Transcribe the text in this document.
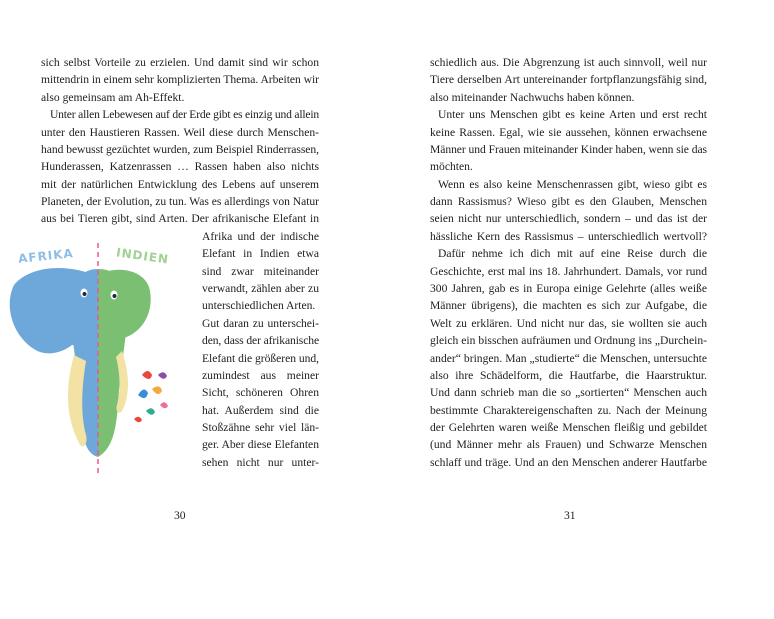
sich selbst Vorteile zu erzielen. Und damit sind wir schon
mittendrin in einem sehr komplizierten Thema. Arbeiten wir
also gemeinsam am Ah-Effekt.
Unter allen Lebewesen auf der Erde gibt es einzig und allein
unter den Haustieren Rassen. Weil diese durch Menschen-
hand bewusst gezüchtet wurden, zum Beispiel Rinderrassen,
Hunderassen, Katzenrassen … Rassen haben also nichts
mit der natürlichen Entwicklung des Lebens auf unserem
Planeten, der Evolution, zu tun. Was es allerdings von Natur
aus bei Tieren gibt, sind Arten. Der afrikanische Elefant in
Afrika und der indische
Elefant in Indien etwa
sind zwar miteinander
verwandt, zählen aber zu
unterschiedlichen Arten.
Gut daran zu unterschei-
den, dass der afrikanische
Elefant die größeren und,
zumindest aus meiner
Sicht, schöneren Ohren
hat. Außerdem sind die
Stoßzähne sehr viel län-
ger. Aber diese Elefanten
sehen nicht nur unter-
30
AFRIKA	INDIEN
schiedlich aus. Die Abgrenzung ist auch sinnvoll, weil nur
Tiere derselben Art untereinander fortpflanzungsfähig sind,
also miteinander Nachwuchs haben können.
Unter uns Menschen gibt es keine Arten und erst recht
keine Rassen. Egal, wie sie aussehen, können erwachsene
Männer und Frauen miteinander Kinder haben, wenn sie das
möchten.
Wenn es also keine Menschenrassen gibt, wieso gibt es
dann Rassismus? Wieso gibt es den Glauben, Menschen
seien nicht nur unterschiedlich, sondern – und das ist der
hässliche Kern des Rassismus – unterschiedlich wertvoll?
Dafür nehme ich dich mit auf eine Reise durch die
Geschichte, erst mal ins 18. Jahrhundert. Damals, vor rund
300 Jahren, gab es in Europa einige Gelehrte (alles weiße
Männer übrigens), die machten es sich zur Aufgabe, die
Welt zu erklären. Und nicht nur das, sie wollten sie auch
gleich ein bisschen aufräumen und Ordnung ins „Durchein-
ander“ bringen. Man „studierte“ die Menschen, untersuchte
also ihre Schädelform, die Hautfarbe, die Haarstruktur.
Und dann schrieb man die so „sortierten“ Menschen auch
bestimmte Charaktereigenschaften zu. Nach der Meinung
der Gelehrten waren weiße Menschen fleißig und gebildet
(und Männer mehr als Frauen) und Schwarze Menschen
schlaff und träge. Und an den Menschen anderer Hautfarbe
31
